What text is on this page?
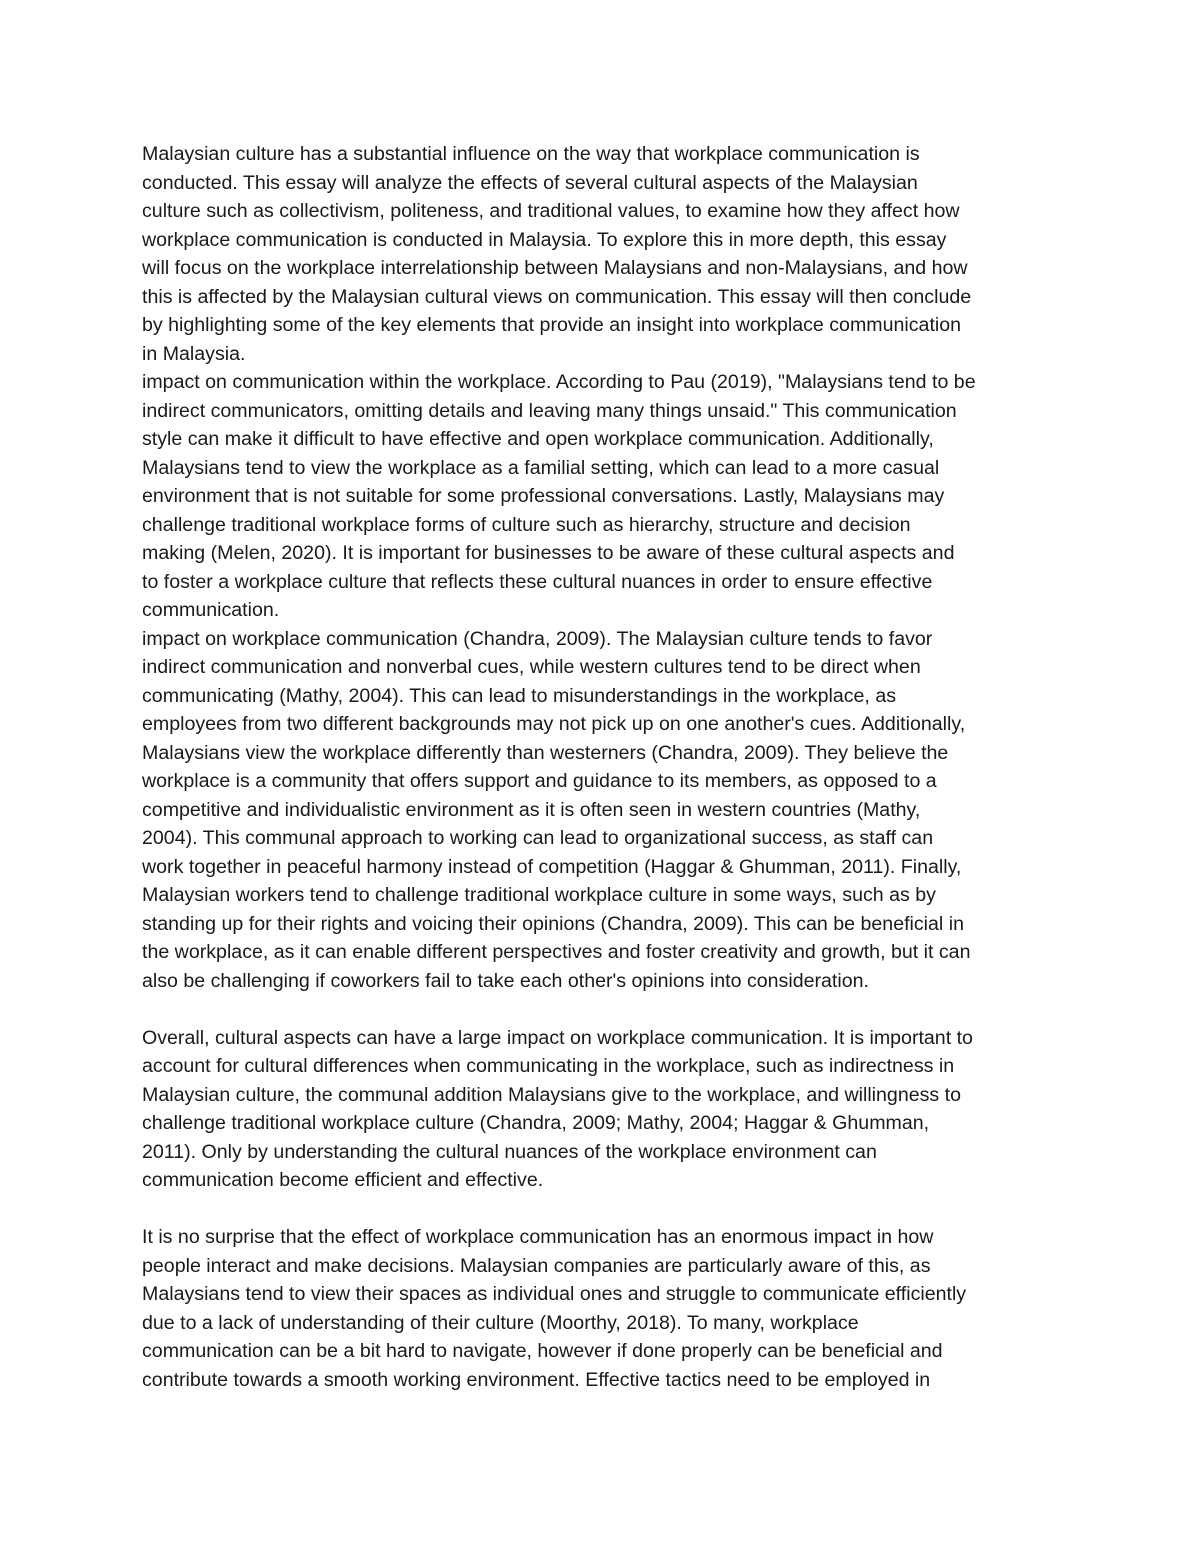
Malaysian culture has a substantial influence on the way that workplace communication is
conducted. This essay will analyze the effects of several cultural aspects of the Malaysian
culture such as collectivism, politeness, and traditional values, to examine how they affect how
workplace communication is conducted in Malaysia. To explore this in more depth, this essay
will focus on the workplace interrelationship between Malaysians and non-Malaysians, and how
this is affected by the Malaysian cultural views on communication. This essay will then conclude
by highlighting some of the key elements that provide an insight into workplace communication
in Malaysia.
impact on communication within the workplace. According to Pau (2019), "Malaysians tend to be
indirect communicators, omitting details and leaving many things unsaid." This communication
style can make it difficult to have effective and open workplace communication. Additionally,
Malaysians tend to view the workplace as a familial setting, which can lead to a more casual
environment that is not suitable for some professional conversations. Lastly, Malaysians may
challenge traditional workplace forms of culture such as hierarchy, structure and decision
making (Melen, 2020). It is important for businesses to be aware of these cultural aspects and
to foster a workplace culture that reflects these cultural nuances in order to ensure effective
communication.
impact on workplace communication (Chandra, 2009). The Malaysian culture tends to favor
indirect communication and nonverbal cues, while western cultures tend to be direct when
communicating (Mathy, 2004). This can lead to misunderstandings in the workplace, as
employees from two different backgrounds may not pick up on one another's cues. Additionally,
Malaysians view the workplace differently than westerners (Chandra, 2009). They believe the
workplace is a community that offers support and guidance to its members, as opposed to a
competitive and individualistic environment as it is often seen in western countries (Mathy,
2004). This communal approach to working can lead to organizational success, as staff can
work together in peaceful harmony instead of competition (Haggar & Ghumman, 2011). Finally,
Malaysian workers tend to challenge traditional workplace culture in some ways, such as by
standing up for their rights and voicing their opinions (Chandra, 2009). This can be beneficial in
the workplace, as it can enable different perspectives and foster creativity and growth, but it can
also be challenging if coworkers fail to take each other's opinions into consideration.
Overall, cultural aspects can have a large impact on workplace communication. It is important to
account for cultural differences when communicating in the workplace, such as indirectness in
Malaysian culture, the communal addition Malaysians give to the workplace, and willingness to
challenge traditional workplace culture (Chandra, 2009; Mathy, 2004; Haggar & Ghumman,
2011). Only by understanding the cultural nuances of the workplace environment can
communication become efficient and effective.
It is no surprise that the effect of workplace communication has an enormous impact in how
people interact and make decisions. Malaysian companies are particularly aware of this, as
Malaysians tend to view their spaces as individual ones and struggle to communicate efficiently
due to a lack of understanding of their culture (Moorthy, 2018). To many, workplace
communication can be a bit hard to navigate, however if done properly can be beneficial and
contribute towards a smooth working environment. Effective tactics need to be employed in
